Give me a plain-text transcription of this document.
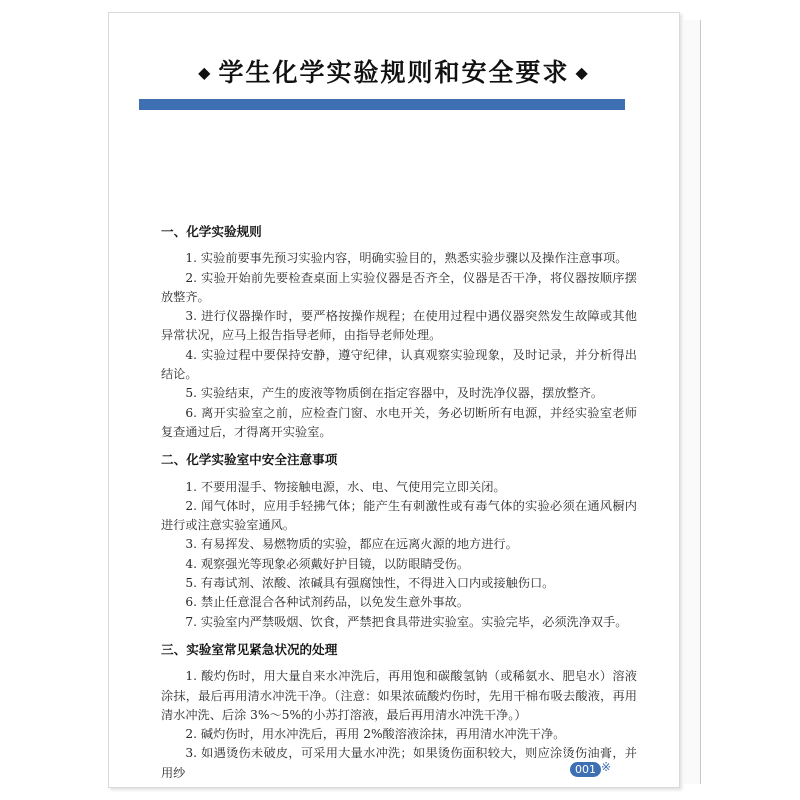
◆ 学生化学实验规则和安全要求 ◆
一、化学实验规则

1. 实验前要事先预习实验内容，明确实验目的，熟悉实验步骤以及操作注意事项。

2. 实验开始前先要检查桌面上实验仪器是否齐全，仪器是否干净，将仪器按顺序摆放整齐。

3. 进行仪器操作时，要严格按操作规程；在使用过程中遇仪器突然发生故障或其他异常状况，应马上报告指导老师，由指导老师处理。

4. 实验过程中要保持安静，遵守纪律，认真观察实验现象，及时记录，并分析得出结论。

5. 实验结束，产生的废液等物质倒在指定容器中，及时洗净仪器，摆放整齐。

6. 离开实验室之前，应检查门窗、水电开关，务必切断所有电源，并经实验室老师复查通过后，才得离开实验室。

二、化学实验室中安全注意事项

1. 不要用湿手、物接触电源，水、电、气使用完立即关闭。

2. 闻气体时，应用手轻拂气体；能产生有刺激性或有毒气体的实验必须在通风橱内进行或注意实验室通风。

3. 有易挥发、易燃物质的实验，都应在远离火源的地方进行。

4. 观察强光等现象必须戴好护目镜，以防眼睛受伤。

5. 有毒试剂、浓酸、浓碱具有强腐蚀性，不得进入口内或接触伤口。

6. 禁止任意混合各种试剂药品，以免发生意外事故。

7. 实验室内严禁吸烟、饮食，严禁把食具带进实验室。实验完毕，必须洗净双手。

三、实验室常见紧急状况的处理

1. 酸灼伤时，用大量自来水冲洗后，再用饱和碳酸氢钠（或稀氨水、肥皂水）溶液涂抹，最后再用清水冲洗干净。（注意：如果浓硫酸灼伤时，先用干棉布吸去酸液，再用清水冲洗、后涂 3%～5%的小苏打溶液，最后再用清水冲洗干净。）

2. 碱灼伤时，用水冲洗后，再用 2%酸溶液涂抹，再用清水冲洗干净。

3. 如遇烫伤未破皮，可采用大量水冲洗；如果烫伤面积较大，则应涂烫伤油膏，并用纱	001 ※
